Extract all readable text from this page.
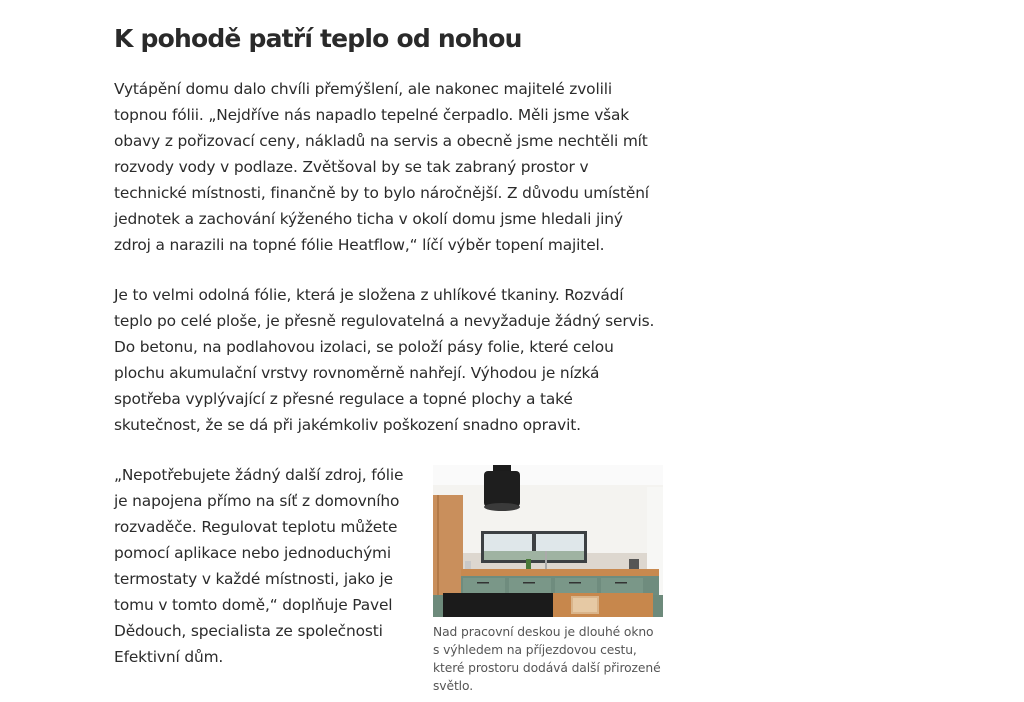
K pohodě patří teplo od nohou

Vytápění domu dalo chvíli přemýšlení, ale nakonec majitelé zvolili topnou fólii. „Nejdříve nás napadlo tepelné čerpadlo. Měli jsme však obavy z pořizovací ceny, nákladů na servis a obecně jsme nechtěli mít rozvody vody v podlaze. Zvětšoval by se tak zabraný prostor v technické místnosti, finančně by to bylo náročnější. Z důvodu umístění jednotek a zachování kýženého ticha v okolí domu jsme hledali jiný zdroj a narazili na topné fólie Heatflow,“ líčí výběr topení majitel.

Je to velmi odolná fólie, která je složena z uhlíkové tkaniny. Rozvádí teplo po celé ploše, je přesně regulovatelná a nevyžaduje žádný servis. Do betonu, na podlahovou izolaci, se položí pásy folie, které celou plochu akumulační vrstvy rovnoměrně nahřejí. Výhodou je nízká spotřeba vyplývající z přesné regulace a topné plochy a také skutečnost, že se dá při jakémkoliv poškození snadno opravit.

„Nepotřebujete žádný další zdroj, fólie je napojena přímo na síť z domovního rozvaděče. Regulovat teplotu můžete pomocí aplikace nebo jednoduchými termostaty v každé místnosti, jako je tomu v tomto domě,“ doplňuje Pavel Dědouch, specialista ze společnosti Efektivní dům.

Nad pracovní deskou je dlouhé okno s výhledem na příjezdovou cestu, které prostoru dodává další přirozené světlo.
